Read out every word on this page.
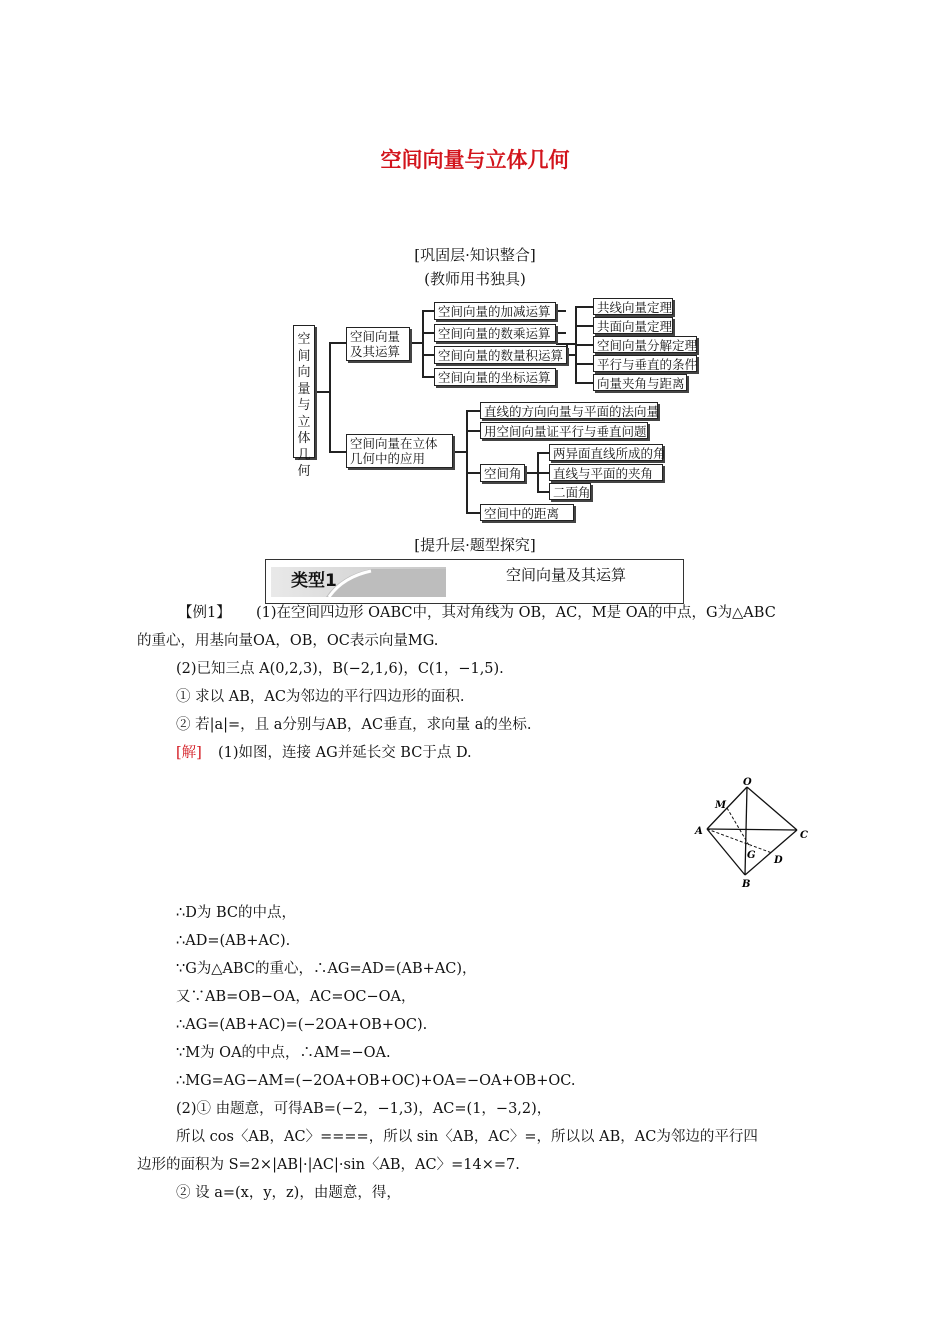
空间向量与立体几何
[巩固层·知识整合]
(教师用书独具)
空间向量与立体几何
空间向量及其运算
空间向量的加减运算
空间向量的数乘运算
空间向量的数量积运算
空间向量的坐标运算
共线向量定理
共面向量定理
空间向量分解定理
平行与垂直的条件
向量夹角与距离
空间向量在立体几何中的应用
直线的方向向量与平面的法向量
用空间向量证平行与垂直问题
空间角
空间中的距离
两异面直线所成的角
直线与平面的夹角
二面角
[提升层·题型探究]
类型1	空间向量及其运算
【例1】 (1)在空间四边形 OABC中，其对角线为 OB，AC，M是 OA的中点，G为△ABC
的重心，用基向量OA，OB，OC表示向量MG.
(2)已知三点 A(0,2,3)，B(−2,1,6)，C(1，−1,5).
① 求以 AB，AC为邻边的平行四边形的面积.
② 若|a|=，且 a分别与AB，AC垂直，求向量 a的坐标.
[解] (1)如图，连接 AG并延长交 BC于点 D.
O
M
A	C
G D
B
∴D为 BC的中点，
∴AD=(AB+AC).
∵G为△ABC的重心，∴AG=AD=(AB+AC)，
又∵AB=OB−OA，AC=OC−OA，
∴AG=(AB+AC)=(−2OA+OB+OC).
∵M为 OA的中点，∴AM=−OA.
∴MG=AG−AM=(−2OA+OB+OC)+OA=−OA+OB+OC.
(2)① 由题意，可得AB=(−2，−1,3)，AC=(1，−3,2)，
所以 cos〈AB，AC〉====，所以 sin〈AB，AC〉=，所以以 AB，AC为邻边的平行四
边形的面积为 S=2×|AB|·|AC|·sin〈AB，AC〉=14×=7.
② 设 a=(x，y，z)，由题意，得，
